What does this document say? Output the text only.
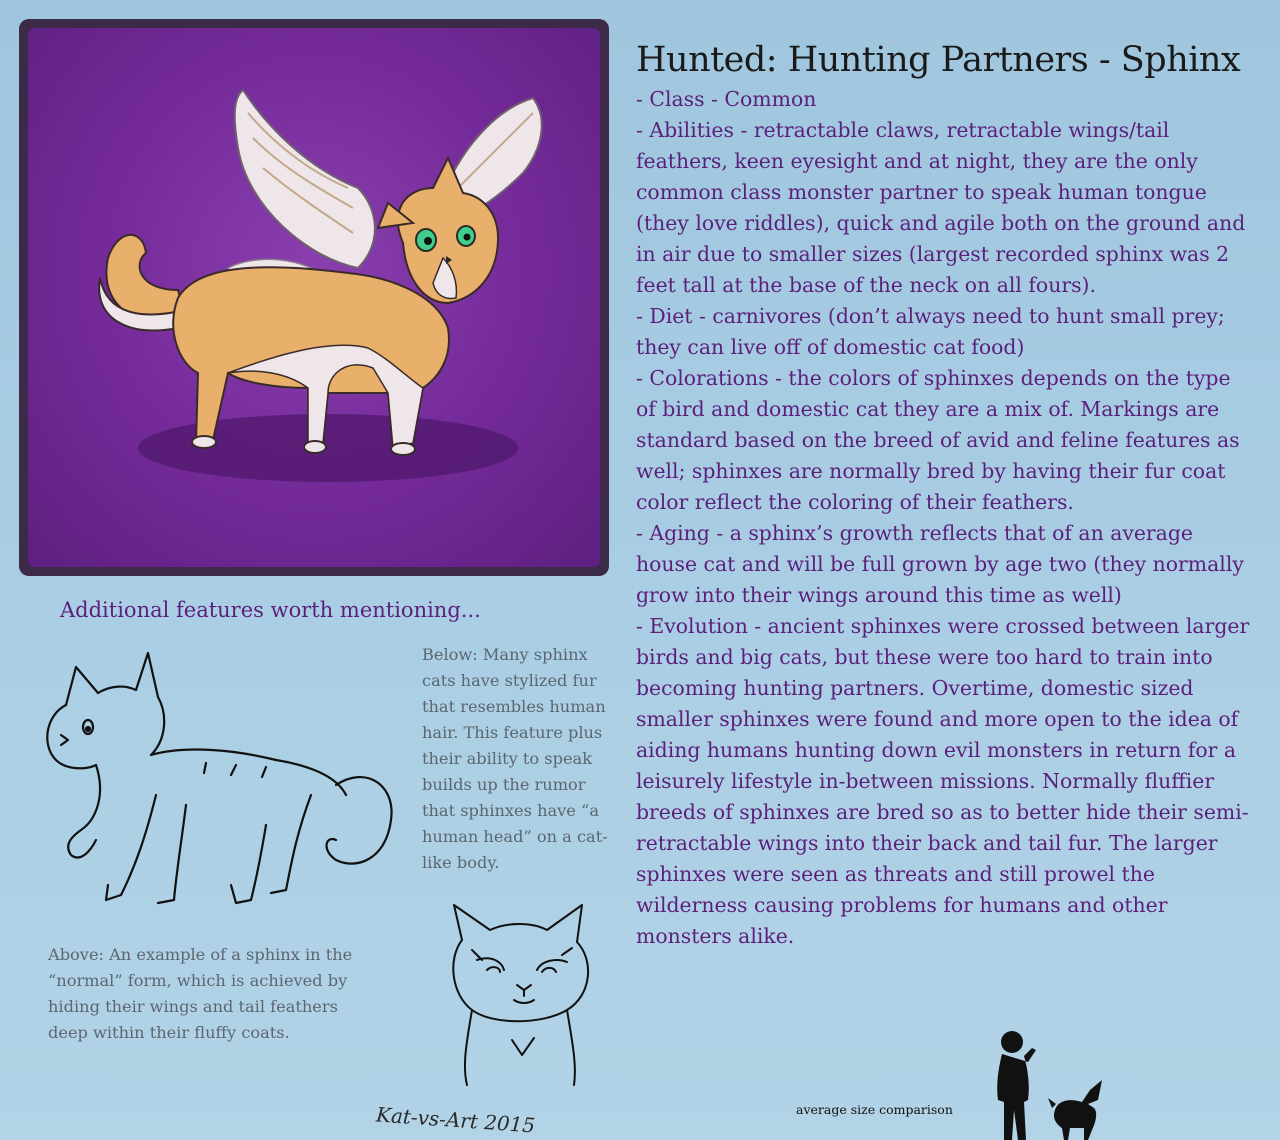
Hunted: Hunting Partners - Sphinx

- Class - Common

- Abilities - retractable claws, retractable wings/tail feathers, keen eyesight and at night, they are the only common class monster partner to speak human tongue (they love riddles), quick and agile both on the ground and in air due to smaller sizes (largest recorded sphinx was 2 feet tall at the base of the neck on all fours).

- Diet - carnivores (don’t always need to hunt small prey; they can live off of domestic cat food)

- Colorations - the colors of sphinxes depends on the type of bird and domestic cat they are a mix of. Markings are standard based on the breed of avid and feline features as well; sphinxes are normally bred by having their fur coat color reflect the coloring of their feathers.

- Aging - a sphinx’s growth reflects that of an average house cat and will be full grown by age two (they normally grow into their wings around this time as well)

- Evolution - ancient sphinxes were crossed between larger birds and big cats, but these were too hard to train into becoming hunting partners. Overtime, domestic sized smaller sphinxes were found and more open to the idea of aiding humans hunting down evil monsters in return for a leisurely lifestyle in-between missions. Normally fluffier breeds of sphinxes are bred so as to better hide their semi-retractable wings into their back and tail fur. The larger sphinxes were seen as threats and still prowel the wilderness causing problems for humans and other monsters alike.

Additional features worth mentioning...
Below: Many sphinx cats have stylized fur that resembles human hair. This feature plus their ability to speak builds up the rumor that sphinxes have “a human head” on a cat-like body.
Above: An example of a sphinx in the “normal” form, which is achieved by hiding their wings and tail feathers deep within their fluffy coats.
Kat-vs-Art 2015	average size comparison
